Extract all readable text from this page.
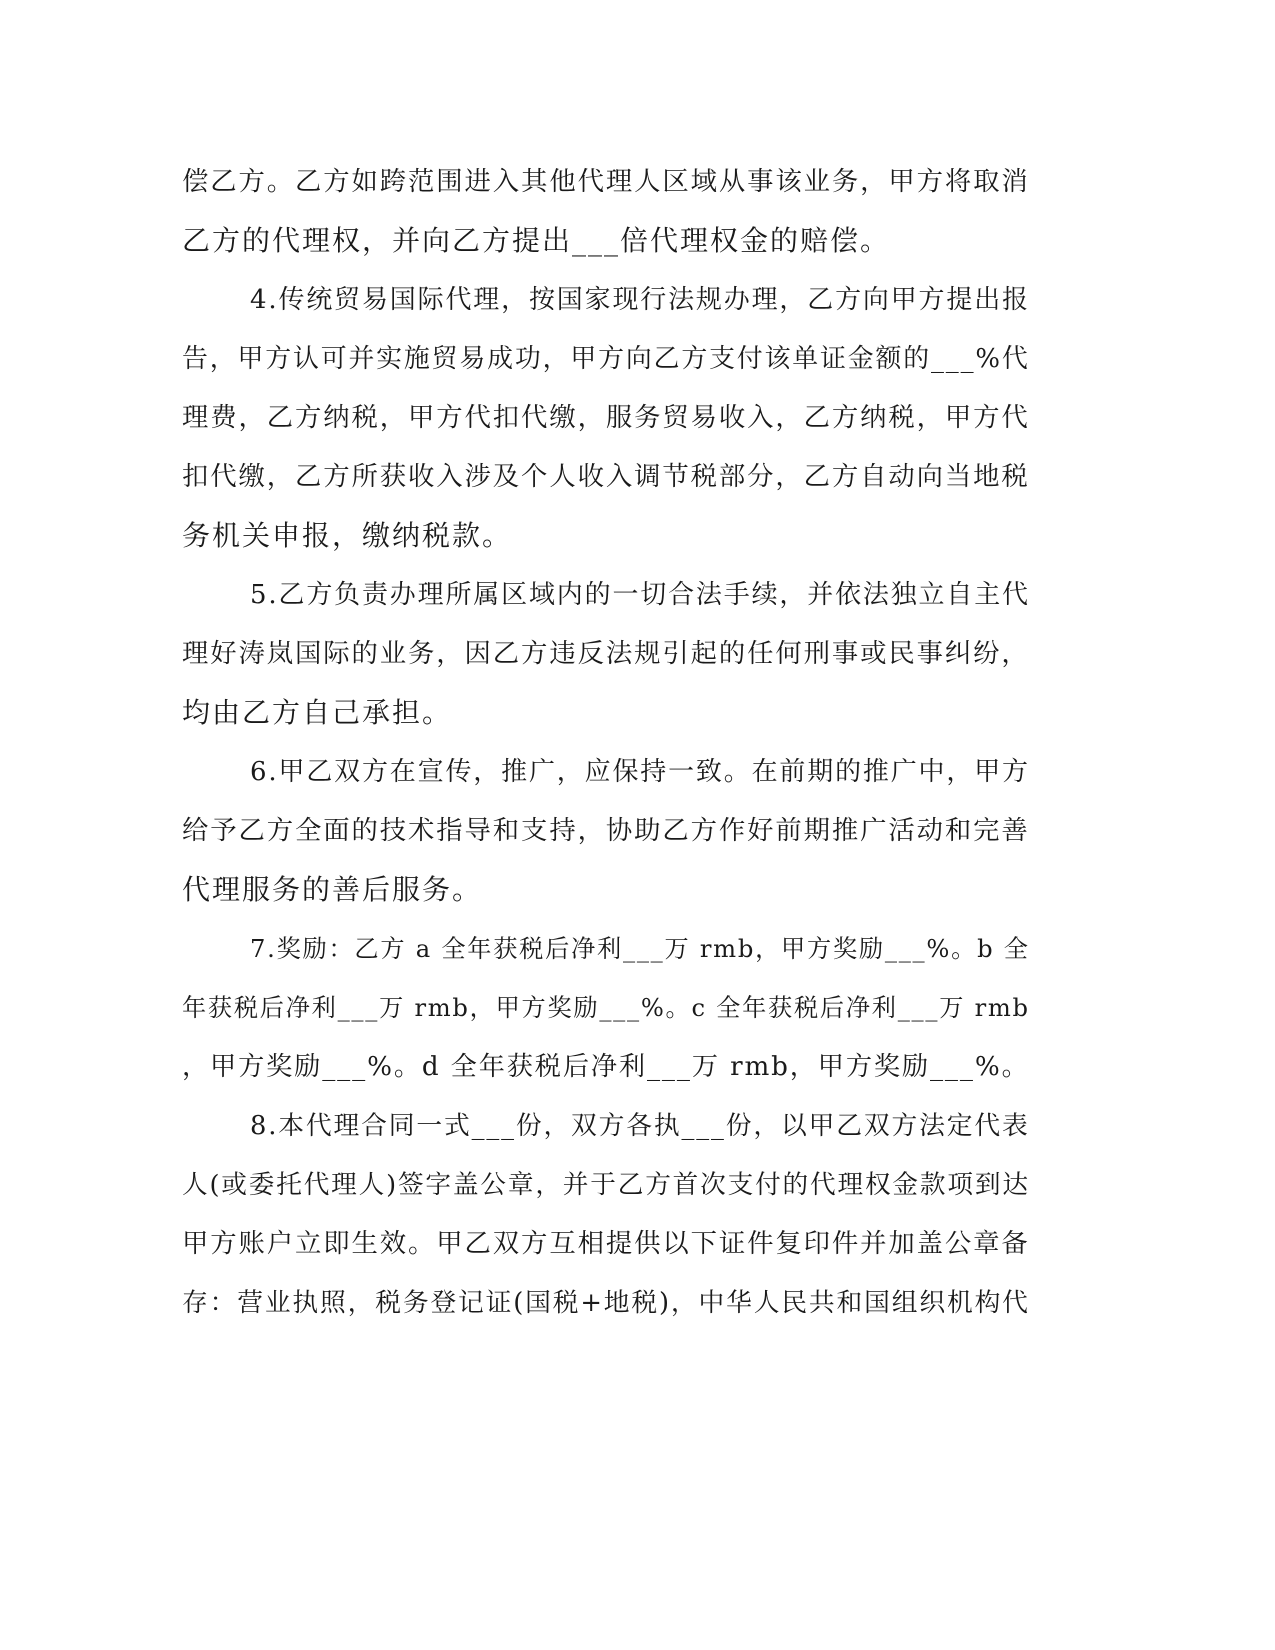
偿乙方。乙方如跨范围进入其他代理人区域从事该业务，甲方将取消
乙方的代理权，并向乙方提出___倍代理权金的赔偿。
4.传统贸易国际代理，按国家现行法规办理，乙方向甲方提出报
告，甲方认可并实施贸易成功，甲方向乙方支付该单证金额的___%代
理费，乙方纳税，甲方代扣代缴，服务贸易收入，乙方纳税，甲方代
扣代缴，乙方所获收入涉及个人收入调节税部分，乙方自动向当地税
务机关申报，缴纳税款。
5.乙方负责办理所属区域内的一切合法手续，并依法独立自主代
理好涛岚国际的业务，因乙方违反法规引起的任何刑事或民事纠纷，
均由乙方自己承担。
6.甲乙双方在宣传，推广，应保持一致。在前期的推广中，甲方
给予乙方全面的技术指导和支持，协助乙方作好前期推广活动和完善
代理服务的善后服务。
7.奖励：乙方 a 全年获税后净利___万 rmb，甲方奖励___%。b 全
年获税后净利___万 rmb，甲方奖励___%。c 全年获税后净利___万 rmb
，甲方奖励___%。d 全年获税后净利___万 rmb，甲方奖励___%。
8.本代理合同一式___份，双方各执___份，以甲乙双方法定代表
人(或委托代理人)签字盖公章，并于乙方首次支付的代理权金款项到达
甲方账户立即生效。甲乙双方互相提供以下证件复印件并加盖公章备
存：营业执照，税务登记证(国税+地税)，中华人民共和国组织机构代
